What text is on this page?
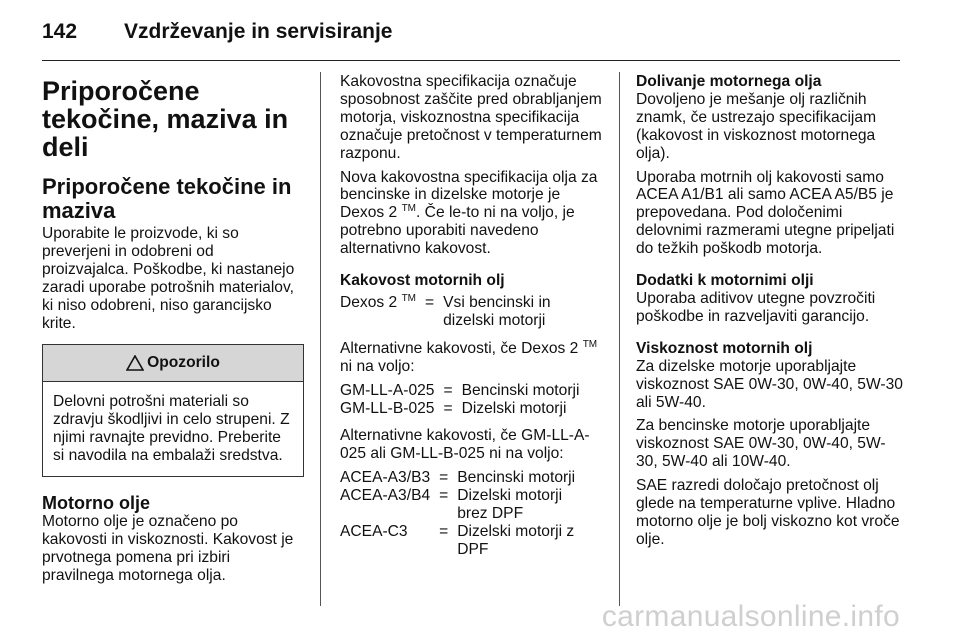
142 Vzdrževanje in servisiranje
Priporočene tekočine, maziva in deli
Priporočene tekočine in maziva

Uporabite le proizvode, ki so preverjeni in odobreni od proizvajalca. Poškodbe, ki nastanejo zaradi uporabe potrošnih materialov, ki niso odobreni, niso garancijsko krite.

Opozorilo
Delovni potrošni materiali so zdravju škodljivi in celo strupeni. Z njimi ravnajte previdno. Preberite si navodila na embalaži sredstva.
Motorno olje

Motorno olje je označeno po kakovosti in viskoznosti. Kakovost je prvotnega pomena pri izbiri pravilnega motornega olja.

Kakovostna specifikacija označuje sposobnost zaščite pred obrabljanjem motorja, viskoznostna specifikacija označuje pretočnost v temperaturnem razponu.

Nova kakovostna specifikacija olja za bencinske in dizelske motorje je Dexos 2 ™. Če le-to ni na voljo, je potrebno uporabiti navedeno alternativno kakovost.

Kakovost motornih olj

Dexos 2 ™	=	Vsi bencinski in dizelski motorji

Alternativne kakovosti, če Dexos 2 ™ ni na voljo:

GM-LL-A-025	=	Bencinski motorji
GM-LL-B-025	=	Dizelski motorji

Alternativne kakovosti, če GM-LL-A-025 ali GM-LL-B-025 ni na voljo:

ACEA-A3/B3	=	Bencinski motorji
ACEA-A3/B4	=	Dizelski motorji brez DPF
ACEA-C3	=	Dizelski motorji z DPF

Dolivanje motornega olja

Dovoljeno je mešanje olj različnih znamk, če ustrezajo specifikacijam (kakovost in viskoznost motornega olja).

Uporaba motrnih olj kakovosti samo ACEA A1/B1 ali samo ACEA A5/B5 je prepovedana. Pod določenimi delovnimi razmerami utegne pripeljati do težkih poškodb motorja.

Dodatki k motornimi olji

Uporaba aditivov utegne povzročiti poškodbe in razveljaviti garancijo.

Viskoznost motornih olj

Za dizelske motorje uporabljajte viskoznost SAE 0W-30, 0W-40, 5W-30 ali 5W-40.

Za bencinske motorje uporabljajte viskoznost SAE 0W-30, 0W-40, 5W-30, 5W-40 ali 10W-40.

SAE razredi določajo pretočnost olj glede na temperaturne vplive. Hladno motorno olje je bolj viskozno kot vroče olje.

carmanualsonline.info
